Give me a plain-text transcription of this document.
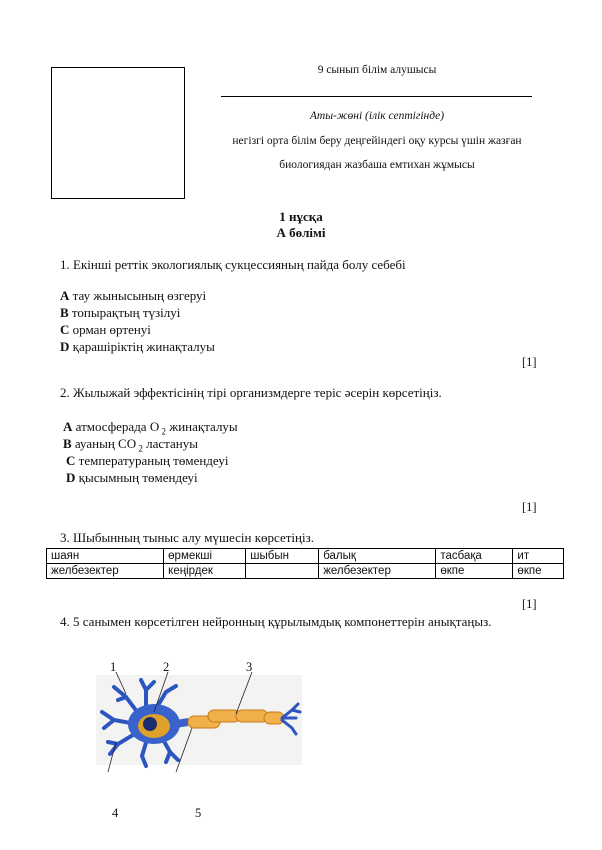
9 сынып білім алушысы
Аты-жөні (ілік септігінде)
негізгі орта білім беру деңгейіндегі оқу курсы үшін жазған
биологиядан жазбаша емтихан жұмысы
1 нұсқа
А бөлімі
1. Екінші реттік экологиялық сукцессияның пайда болу себебі
A тау жынысының өзгеруі
B топырақтың түзілуі
C орман өртенуі
D қарашіріктің жинақталуы
[1]
2. Жылыжай эффектісінің тірі организмдерге теріс әсерін көрсетіңіз.
A атмосферада О $_2$ жинақталуы
B ауаның СО $_2$ ластануы
C температураның төмендеуі
D қысымның төмендеуі
[1]
3. Шыбынның тыныс алу мүшесін көрсетіңіз.
шаян	өрмекші	шыбын	балық	тасбақа	ит
желбезектер	кеңірдек		желбезектер	өкпе	өкпе
[1]
4. 5 санымен көрсетілген нейронның құрылымдық компонеттерін анықтаңыз.
1	2	3
4	5
